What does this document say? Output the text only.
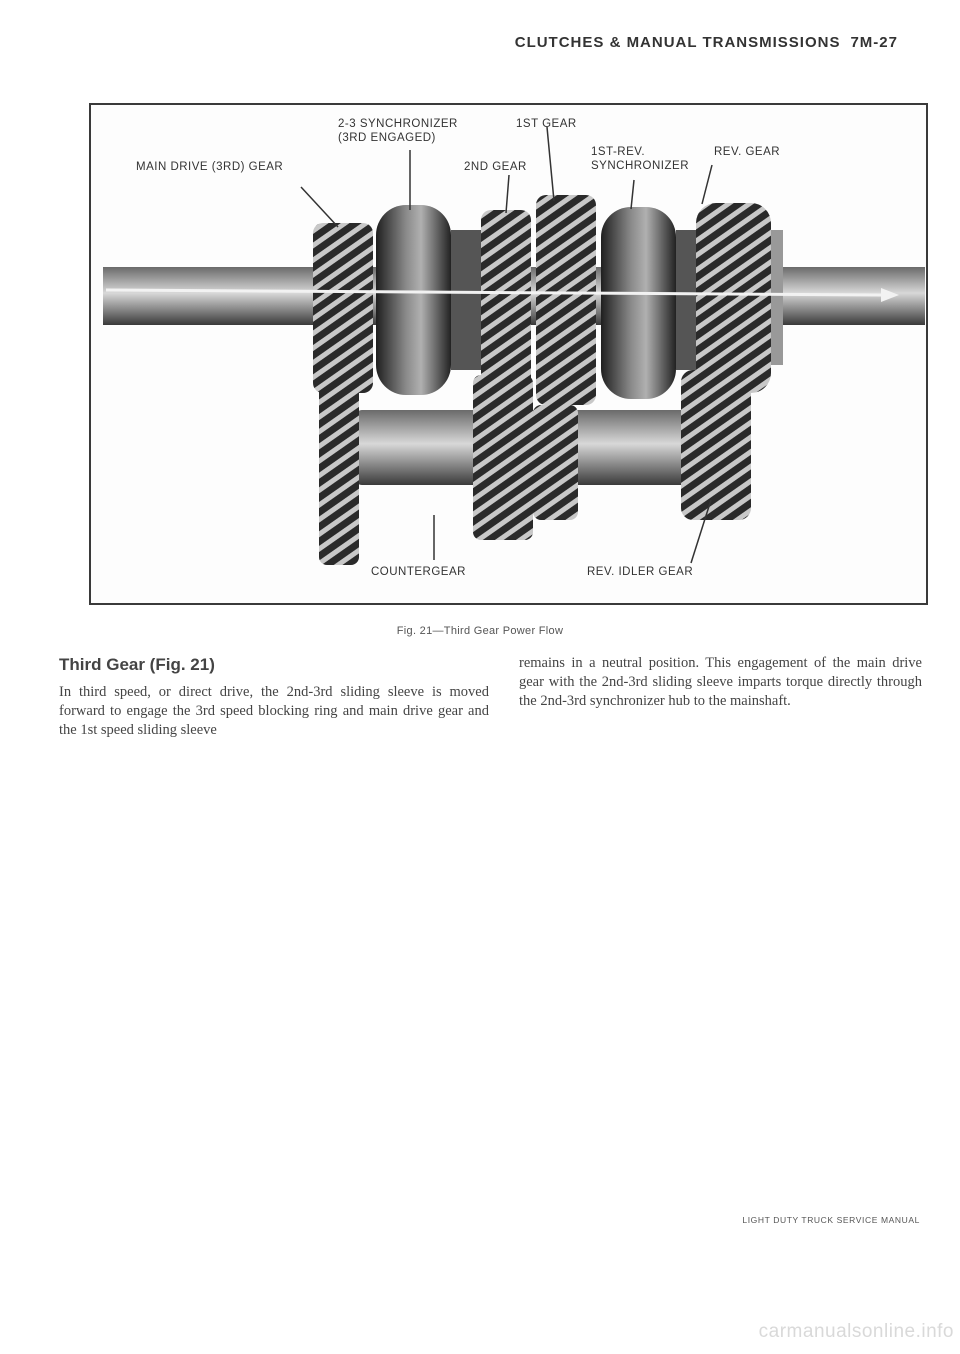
CLUTCHES & MANUAL TRANSMISSIONS 7M-27
2-3 SYNCHRONIZER
(3RD ENGAGED)
1ST GEAR
1ST-REV.
SYNCHRONIZER
REV. GEAR
MAIN DRIVE (3RD) GEAR	2ND GEAR
COUNTERGEAR	REV. IDLER GEAR
Fig. 21—Third Gear Power Flow
Third Gear (Fig. 21)
In third speed, or direct drive, the 2nd-3rd sliding sleeve is moved forward to engage the 3rd speed blocking ring and main drive gear and the 1st speed sliding sleeve
remains in a neutral position. This engagement of the main drive gear with the 2nd-3rd sliding sleeve imparts torque directly through the 2nd-3rd synchronizer hub to the mainshaft.
LIGHT DUTY TRUCK SERVICE MANUAL
carmanualsonline.info
